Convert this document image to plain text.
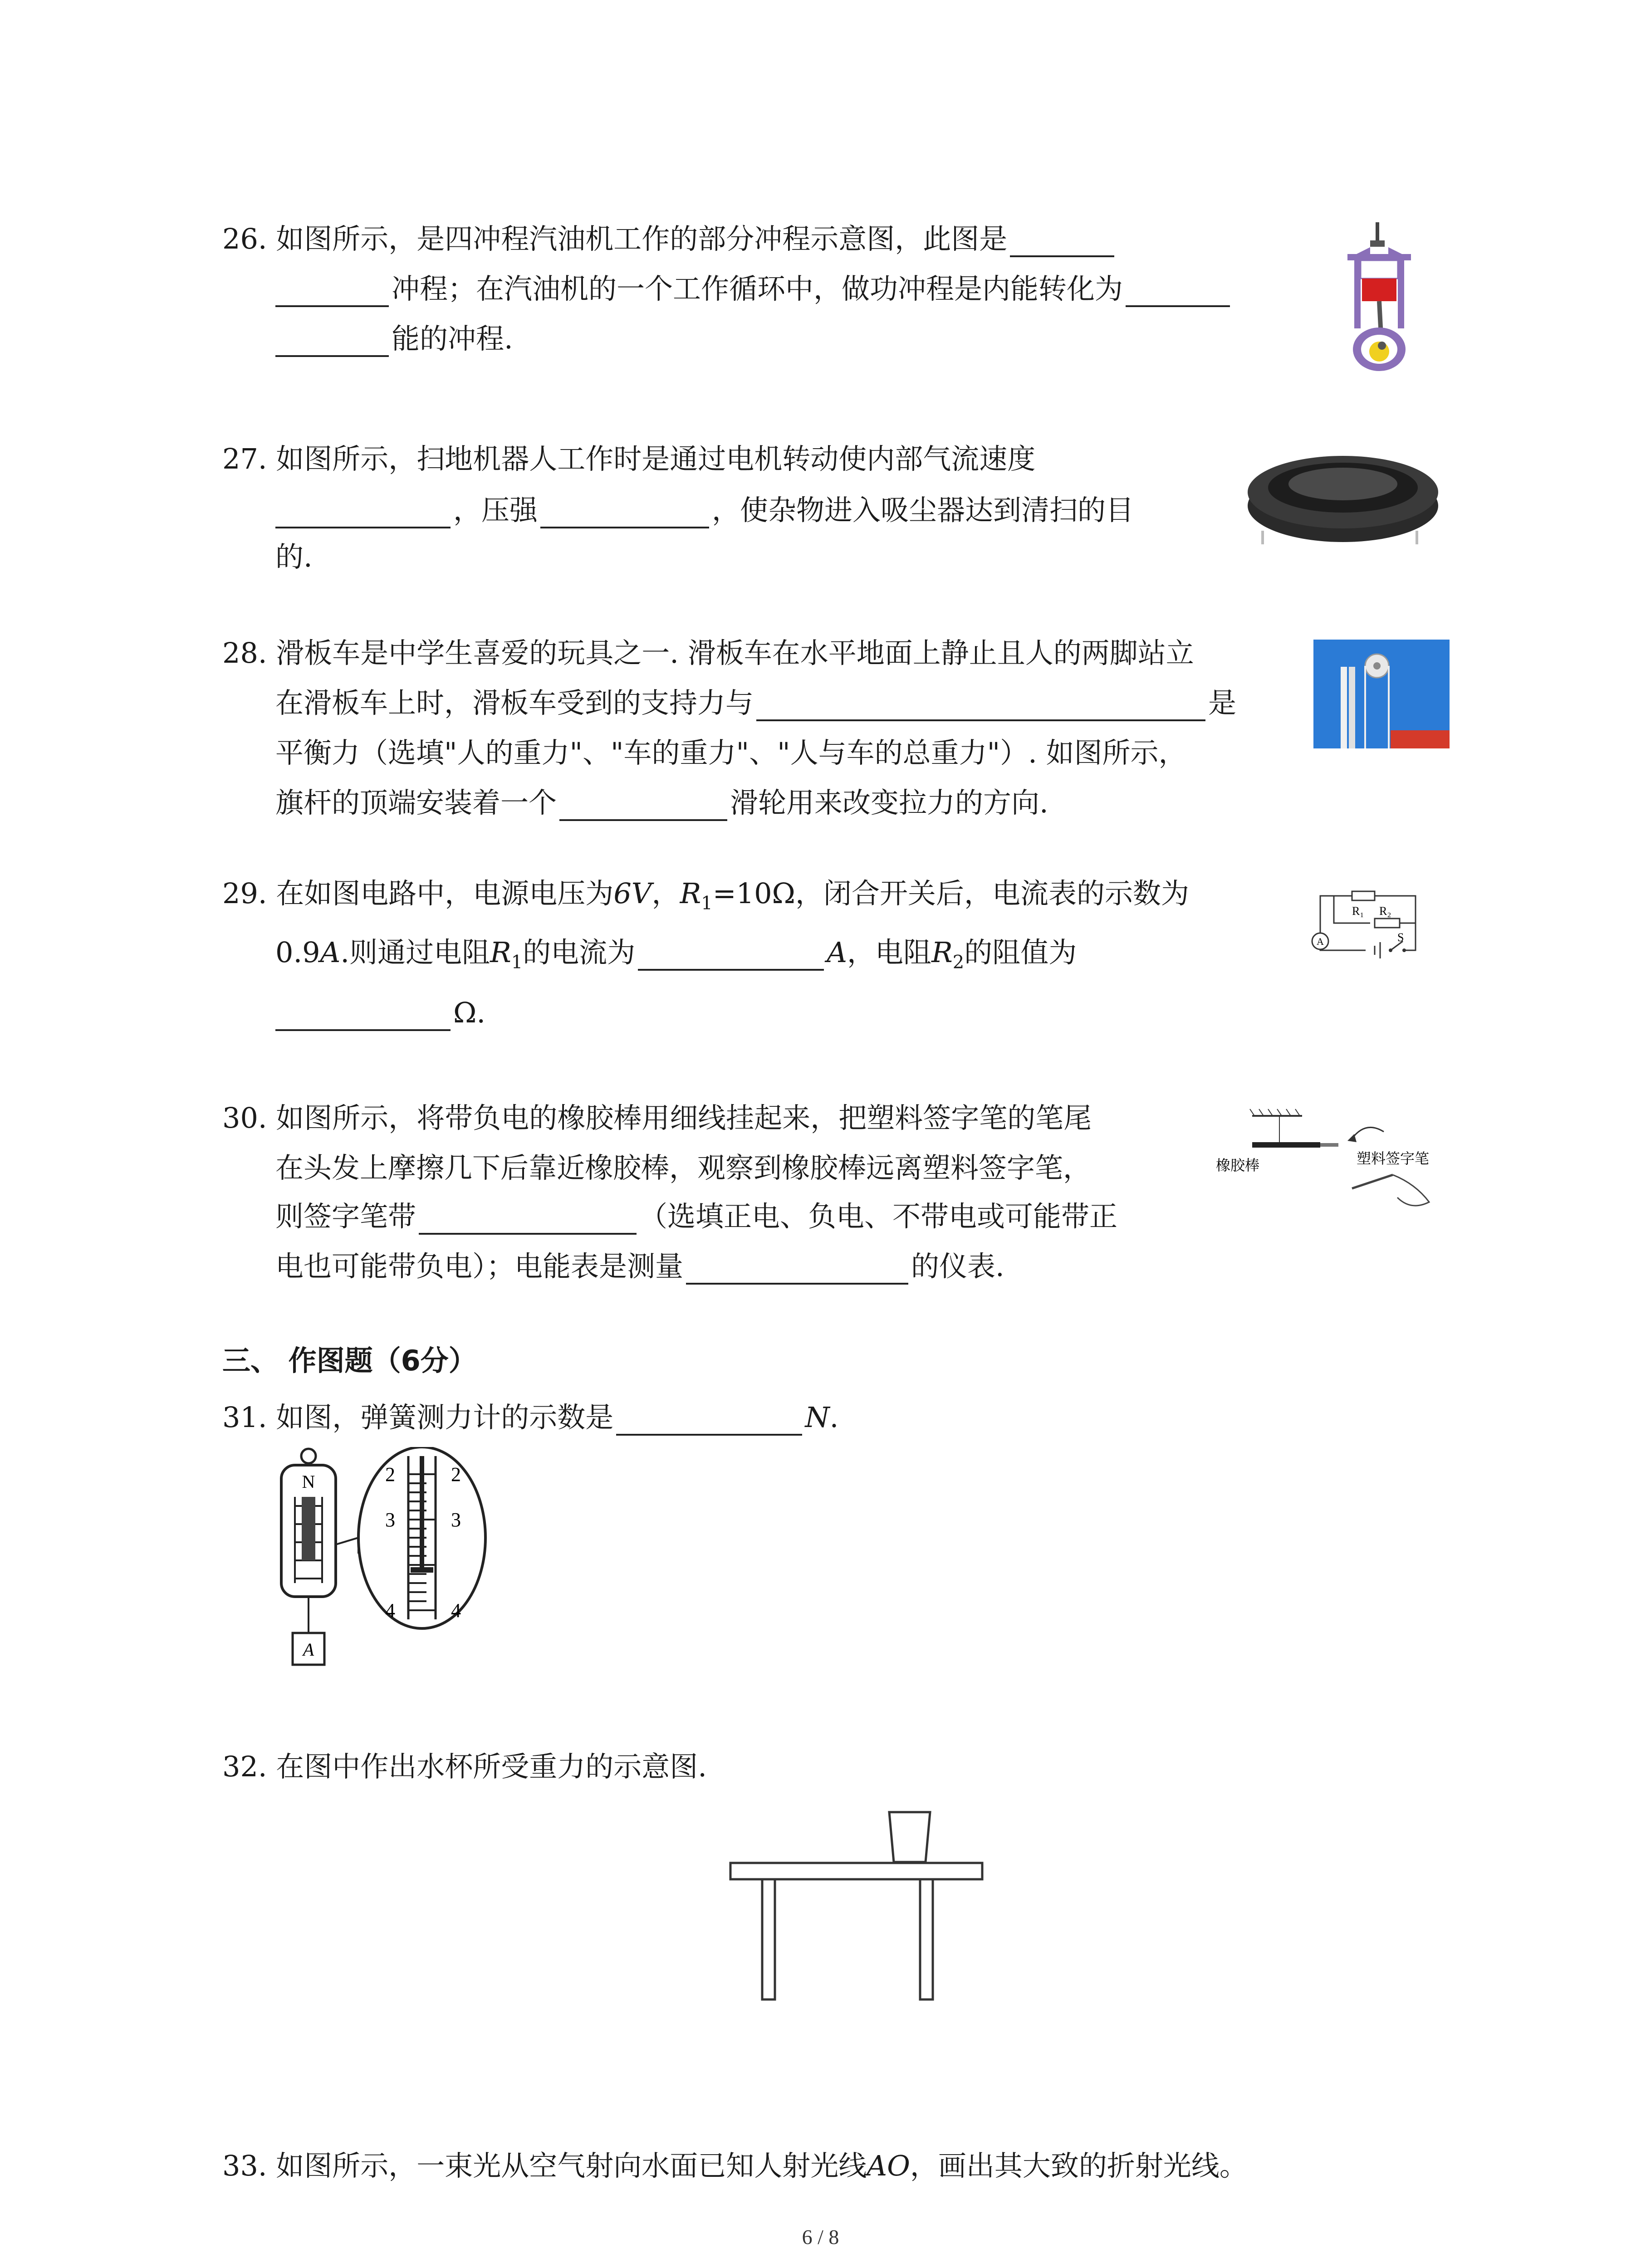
26. 如图所示，是四冲程汽油机工作的部分冲程示意图，此图是
冲程；在汽油机的一个工作循环中，做功冲程是内能转化为
能的冲程.
27. 如图所示，扫地机器人工作时是通过电机转动使内部气流速度
，压强	，使杂物进入吸尘器达到清扫的目
的.
28. 滑板车是中学生喜爱的玩具之一. 滑板车在水平地面上静止且人的两脚站立
在滑板车上时，滑板车受到的支持力与	是
平衡力（选填"人的重力"、"车的重力"、"人与车的总重力"）. 如图所示，
旗杆的顶端安装着一个	滑轮用来改变拉力的方向.
29. 在如图电路中，电源电压为6V，$R_1=10\Omega$，闭合开关后，电流表的示数为
0.9A.则通过电阻$R_1$的电流为	A，电阻$R_2$的阻值为
Ω.
A
R₁ R₂
S
30. 如图所示，将带负电的橡胶棒用细线挂起来，把塑料签字笔的笔尾
在头发上摩擦几下后靠近橡胶棒，观察到橡胶棒远离塑料签字笔，
则签字笔带	（选填正电、负电、不带电或可能带正
电也可能带负电）；电能表是测量	的仪表.
橡胶棒	塑料签字笔
三、 作图题（6分）
31. 如图，弹簧测力计的示数是	N.
N
A
2	2
3	3
4	4
32. 在图中作出水杯所受重力的示意图.
33. 如图所示，一束光从空气射向水面已知人射光线AO，画出其大致的折射光线。
6 / 8
